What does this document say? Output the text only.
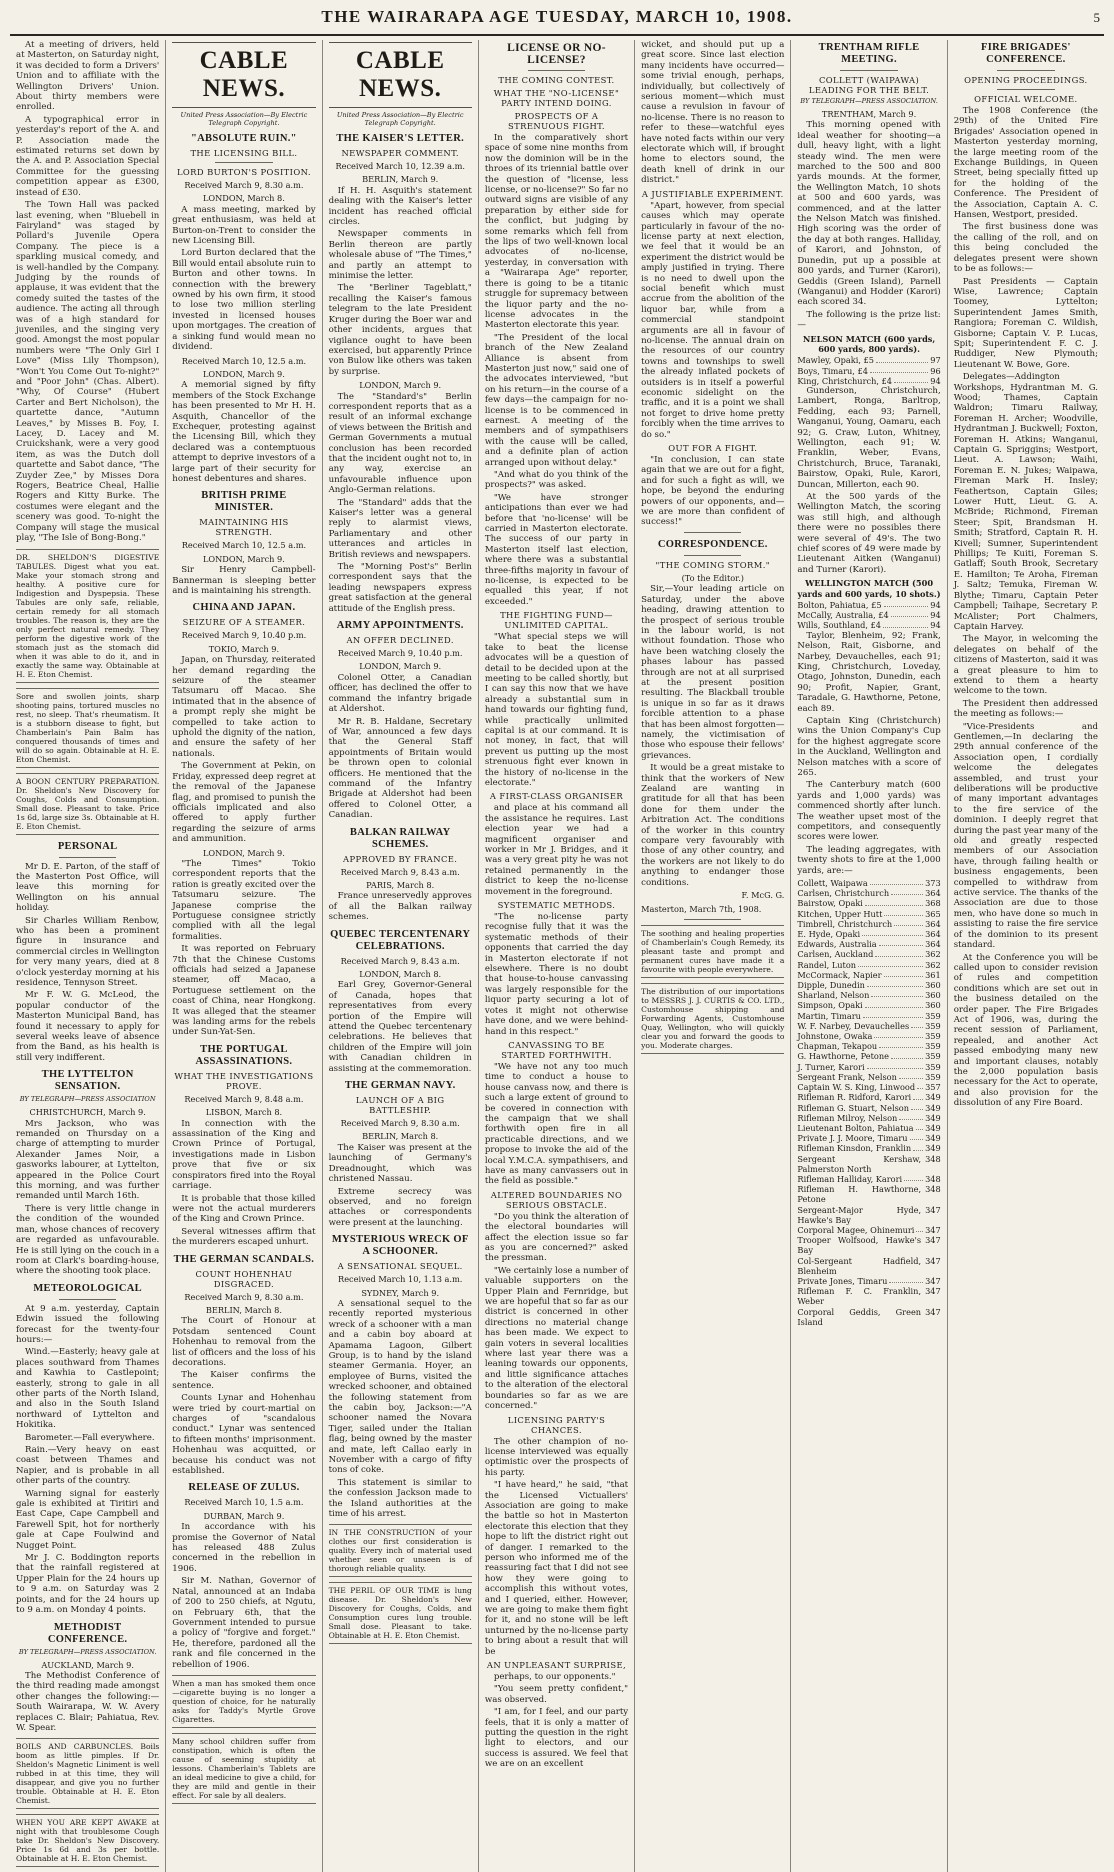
THE WAIRARAPA AGE TUESDAY, MARCH 10, 1908.	5

At a meeting of drivers, held at Masterton, on Saturday night, it was decided to form a Drivers' Union and to affiliate with the Wellington Drivers' Union. About thirty members were enrolled.

A typographical error in yesterday's report of the A. and P. Association made the estimated returns set down by the A. and P. Association Special Committee for the guessing competition appear as £300, instead of £30.

The Town Hall was packed last evening, when "Bluebell in Fairyland" was staged by Pollard's Juvenile Opera Company. The piece is a sparkling musical comedy, and is well-handled by the Company. Judging by the rounds of applause, it was evident that the comedy suited the tastes of the audience. The acting all through was of a high standard for juveniles, and the singing very good. Amongst the most popular numbers were "The Only Girl I Love" (Miss Lily Thompson), "Won't You Come Out To-night?" and "Poor John" (Chas. Albert). "Why, Of Course" (Hubert Carter and Bert Nicholson), the quartette dance, "Autumn Leaves," by Misses B. Foy, I. Lacey, D. Lacey and M. Cruickshank, were a very good item, as was the Dutch doll quartette and Sabot dance, "The Zuyder Zee," by Misses Dora Rogers, Beatrice Cheal, Hallie Rogers and Kitty Burke. The costumes were elegant and the scenery was good. To-night the Company will stage the musical play, "The Isle of Bong-Bong."

DR. SHELDON'S DIGESTIVE TABULES. Digest what you eat. Make your stomach strong and healthy. A positive cure for Indigestion and Dyspepsia. These Tabules are only safe, reliable, certain remedy for all stomach troubles. The reason is, they are the only perfect natural remedy. They perform the digestive work of the stomach just as the stomach did when it was able to do it, and in exactly the same way. Obtainable at H. E. Eton Chemist.
Sore and swollen joints, sharp shooting pains, tortured muscles no rest, no sleep. That's rheumatism. It is a stubborn disease to fight, but Chamberlain's Pain Balm has conquered thousands of times and will do so again. Obtainable at H. E. Eton Chemist.
A BOON CENTURY PREPARATION. Dr. Sheldon's New Discovery for Coughs, Colds and Consumption. Small dose. Pleasant to take. Price 1s 6d, large size 3s. Obtainable at H. E. Eton Chemist.
PERSONAL

Mr D. E. Parton, of the staff of the Masterton Post Office, will leave this morning for Wellington on his annual holiday.

Sir Charles William Renbow, who has been a prominent figure in insurance and commercial circles in Wellington for very many years, died at 8 o'clock yesterday morning at his residence, Tennyson Street.

Mr F. W. G. McLeod, the popular conductor of the Masterton Municipal Band, has found it necessary to apply for several weeks leave of absence from the Band, as his health is still very indifferent.

THE LYTTELTON SENSATION.
BY TELEGRAPH—PRESS ASSOCIATION
CHRISTCHURCH, March 9.

Mrs Jackson, who was remanded on Thursday on a charge of attempting to murder Alexander James Noir, a gasworks labourer, at Lyttelton, appeared in the Police Court this morning, and was further remanded until March 16th.

There is very little change in the condition of the wounded man, whose chances of recovery are regarded as unfavourable. He is still lying on the couch in a room at Clark's boarding-house, where the shooting took place.

METEOROLOGICAL

At 9 a.m. yesterday, Captain Edwin issued the following forecast for the twenty-four hours:—

Wind.—Easterly; heavy gale at places southward from Thames and Kawhia to Castlepoint; easterly, strong to gale in all other parts of the North Island, and also in the South Island northward of Lyttelton and Hokitika.

Barometer.—Fall everywhere.

Rain.—Very heavy on east coast between Thames and Napier, and is probable in all other parts of the country.

Warning signal for easterly gale is exhibited at Tiritiri and East Cape, Cape Campbell and Farewell Spit, hot for northerly gale at Cape Foulwind and Nugget Point.

Mr J. C. Boddington reports that the rainfall registered at Upper Plain for the 24 hours up to 9 a.m. on Saturday was 2 points, and for the 24 hours up to 9 a.m. on Monday 4 points.

METHODIST CONFERENCE.
BY TELEGRAPH—PRESS ASSOCIATION.
AUCKLAND, March 9.

The Methodist Conference of the third reading made amongst other changes the following:— South Wairarapa, W. W. Avery replaces C. Blair; Pahiatua, Rev. W. Spear.

BOILS AND CARBUNCLES. Boils boom as little pimples. If Dr. Sheldon's Magnetic Liniment is well rubbed in at this time, they will disappear, and give you no further trouble. Obtainable at H. E. Eton Chemist.
WHEN YOU ARE KEPT AWAKE at night with that troublesome Cough take Dr. Sheldon's New Discovery. Price 1s 6d and 3s per bottle. Obtainable at H. E. Eton Chemist.
CABLE NEWS.
United Press Association—By Electric Telegraph Copyright.
"ABSOLUTE RUIN."
THE LICENSING BILL.
LORD BURTON'S POSITION.
Received March 9, 8.30 a.m.
LONDON, March 8.

A mass meeting, marked by great enthusiasm, was held at Burton-on-Trent to consider the new Licensing Bill.

Lord Burton declared that the Bill would entail absolute ruin to Burton and other towns. In connection with the brewery owned by his own firm, it stood to lose two million sterling invested in licensed houses upon mortgages. The creation of a sinking fund would mean no dividend.

Received March 10, 12.5 a.m.
LONDON, March 9.

A memorial signed by fifty members of the Stock Exchange has been presented to Mr H. H. Asquith, Chancellor of the Exchequer, protesting against the Licensing Bill, which they declared was a contemptuous attempt to deprive investors of a large part of their security for honest debentures and shares.

BRITISH PRIME MINISTER.
MAINTAINING HIS STRENGTH.
Received March 10, 12.5 a.m.
LONDON, March 9.

Sir Henry Campbell-Bannerman is sleeping better and is maintaining his strength.

CHINA AND JAPAN.
SEIZURE OF A STEAMER.
Received March 9, 10.40 p.m.
TOKIO, March 9.

Japan, on Thursday, reiterated her demand regarding the seizure of the steamer Tatsumaru off Macao. She intimated that in the absence of a prompt reply she might be compelled to take action to uphold the dignity of the nation, and ensure the safety of her nationals.

The Government at Pekin, on Friday, expressed deep regret at the removal of the Japanese flag, and promised to punish the officials implicated and also offered to apply further regarding the seizure of arms and ammunition.

LONDON, March 9.

"The Times" Tokio correspondent reports that the ration is greatly excited over the Tatsumaru seizure. The Japanese comprise the Portuguese consignee strictly complied with all the legal formalities.

It was reported on February 7th that the Chinese Customs officials had seized a Japanese steamer, off Macao, a Portuguese settlement on the coast of China, near Hongkong. It was alleged that the steamer was landing arms for the rebels under Sun-Yat-Sen.

THE PORTUGAL ASSASSINATIONS.
WHAT THE INVESTIGATIONS PROVE.
Received March 9, 8.48 a.m.
LISBON, March 8.

In connection with the assassination of the King and Crown Prince of Portugal, investigations made in Lisbon prove that five or six conspirators fired into the Royal carriage.

It is probable that those killed were not the actual murderers of the King and Crown Prince.

Several witnesses affirm that the murderers escaped unhurt.

THE GERMAN SCANDALS.
COUNT HOHENHAU DISGRACED.
Received March 9, 8.30 a.m.
BERLIN, March 8.

The Court of Honour at Potsdam sentenced Count Hohenhau to removal from the list of officers and the loss of his decorations.

The Kaiser confirms the sentence.

Counts Lynar and Hohenhau were tried by court-martial on charges of "scandalous conduct." Lynar was sentenced to fifteen months' imprisonment. Hohenhau was acquitted, or because his conduct was not established.

RELEASE OF ZULUS.
Received March 10, 1.5 a.m.
DURBAN, March 9.

In accordance with his promise the Governor of Natal has released 488 Zulus concerned in the rebellion in 1906.

Sir M. Nathan, Governor of Natal, announced at an Indaba of 200 to 250 chiefs, at Ngutu, on February 6th, that the Government intended to pursue a policy of "forgive and forget." He, therefore, pardoned all the rank and file concerned in the rebellion of 1906.

When a man has smoked them once—cigarette buying is no longer a question of choice, for he naturally asks for Taddy's Myrtle Grove Cigarettes.
Many school children suffer from constipation, which is often the cause of seeming stupidity at lessons. Chamberlain's Tablets are an ideal medicine to give a child, for they are mild and gentle in their effect. For sale by all dealers.
CABLE NEWS.
United Press Association—By Electric Telegraph Copyright.
THE KAISER'S LETTER.
NEWSPAPER COMMENT.
Received March 10, 12.39 a.m.
BERLIN, March 9.

If H. H. Asquith's statement dealing with the Kaiser's letter incident has reached official circles.

Newspaper comments in Berlin thereon are partly wholesale abuse of "The Times," and partly an attempt to minimise the letter.

The "Berliner Tageblatt," recalling the Kaiser's famous telegram to the late President Kruger during the Boer war and other incidents, argues that vigilance ought to have been exercised, but apparently Prince von Bulow like others was taken by surprise.

LONDON, March 9.

The "Standard's" Berlin correspondent reports that as a result of an informal exchange of views between the British and German Governments a mutual conclusion has been recorded that the incident ought not to, in any way, exercise an unfavourable influence upon Anglo-German relations.

The "Standard" adds that the Kaiser's letter was a general reply to alarmist views, Parliamentary and other utterances and articles in British reviews and newspapers.

The "Morning Post's" Berlin correspondent says that the leading newspapers express great satisfaction at the general attitude of the English press.

ARMY APPOINTMENTS.
AN OFFER DECLINED.
Received March 9, 10.40 p.m.
LONDON, March 9.

Colonel Otter, a Canadian officer, has declined the offer to command the infantry brigade at Aldershot.

Mr R. B. Haldane, Secretary of War, announced a few days that the General Staff appointments of Britain would be thrown open to colonial officers. He mentioned that the command of the Infantry Brigade at Aldershot had been offered to Colonel Otter, a Canadian.

BALKAN RAILWAY SCHEMES.
APPROVED BY FRANCE.
Received March 9, 8.43 a.m.
PARIS, March 8.

France unreservedly approves of all the Balkan railway schemes.

QUEBEC TERCENTENARY CELEBRATIONS.
Received March 9, 8.43 a.m.
LONDON, March 8.

Earl Grey, Governor-General of Canada, hopes that representatives from every portion of the Empire will attend the Quebec tercentenary celebrations. He believes that children of the Empire will join with Canadian children in assisting at the commemoration.

THE GERMAN NAVY.
LAUNCH OF A BIG BATTLESHIP.
Received March 9, 8.30 a.m.
BERLIN, March 8.

The Kaiser was present at the launching of Germany's Dreadnought, which was christened Nassau.

Extreme secrecy was observed, and no foreign attaches or correspondents were present at the launching.

MYSTERIOUS WRECK OF A SCHOONER.
A SENSATIONAL SEQUEL.
Received March 10, 1.13 a.m.
SYDNEY, March 9.

A sensational sequel to the recently reported mysterious wreck of a schooner with a man and a cabin boy aboard at Apamama Lagoon, Gilbert Group, is to hand by the island steamer Germania. Hoyer, an employee of Burns, visited the wrecked schooner, and obtained the following statement from the cabin boy, Jackson:—"A schooner named the Novara Tiger, sailed under the Italian flag, being owned by the master and mate, left Callao early in November with a cargo of fifty tons of coke.

This statement is similar to the confession Jackson made to the Island authorities at the time of his arrest.

IN THE CONSTRUCTION of your clothes our first consideration is quality. Every inch of material used whether seen or unseen is of thorough reliable quality.
THE PERIL OF OUR TIME is lung disease. Dr. Sheldon's New Discovery for Coughs, Colds, and Consumption cures lung trouble. Small dose. Pleasant to take. Obtainable at H. E. Eton Chemist.
LICENSE OR NO-LICENSE?
THE COMING CONTEST.
WHAT THE "NO-LICENSE" PARTY INTEND DOING.
PROSPECTS OF A STRENUOUS FIGHT.

In the comparatively short space of some nine months from now the dominion will be in the throes of its triennial battle over the question of "license, less license, or no-license?" So far no outward signs are visible of any preparation by either side for the conflict, but judging by some remarks which fell from the lips of two well-known local advocates of no-license, yesterday, in conversation with a "Wairarapa Age" reporter, there is going to be a titanic struggle for supremacy between the liquor party and the no-license advocates in the Masterton electorate this year.

"The President of the local branch of the New Zealand Alliance is absent from Masterton just now," said one of the advocates interviewed, "but on his return—in the course of a few days—the campaign for no-license is to be commenced in earnest. A meeting of the members and of sympathisers with the cause will be called, and a definite plan of action arranged upon without delay."

"And what do you think of the prospects?" was asked.

"We have stronger anticipations than ever we had before that 'no-license' will be carried in Masterton electorate. The success of our party in Masterton itself last election, where there was a substantial three-fifths majority in favour of no-license, is expected to be equalled this year, if not exceeded."

THE FIGHTING FUND—UNLIMITED CAPITAL.

"What special steps we will take to beat the license advocates will be a question of detail to be decided upon at the meeting to be called shortly, but I can say this now that we have already a substantial sum in hand towards our fighting fund, while practically unlimited capital is at our command. It is not money, in fact, that will prevent us putting up the most strenuous fight ever known in the history of no-license in the electorate."

A FIRST-CLASS ORGANISER

and place at his command all the assistance he requires. Last election year we had a magnificent organiser and worker in Mr J. Bridges, and it was a very great pity he was not retained permanently in the district to keep the no-license movement in the foreground.

SYSTEMATIC METHODS.

"The no-license party recognise fully that it was the systematic methods of their opponents that carried the day in Masterton electorate if not elsewhere. There is no doubt that house-to-house canvassing was largely responsible for the liquor party securing a lot of votes it might not otherwise have done, and we were behind-hand in this respect."

CANVASSING TO BE STARTED FORTHWITH.

"We have not any too much time to conduct a house to house canvass now, and there is such a large extent of ground to be covered in connection with the campaign that we shall forthwith open fire in all practicable directions, and we propose to invoke the aid of the local Y.M.C.A. sympathisers, and have as many canvassers out in the field as possible."

ALTERED BOUNDARIES NO SERIOUS OBSTACLE.

"Do you think the alteration of the electoral boundaries will affect the election issue so far as you are concerned?" asked the pressman.

"We certainly lose a number of valuable supporters on the Upper Plain and Fernridge, but we are hopeful that so far as our district is concerned in other directions no material change has been made. We expect to gain voters in several localities where last year there was a leaning towards our opponents, and little significance attaches to the alteration of the electoral boundaries so far as we are concerned."

LICENSING PARTY'S CHANCES.

The other champion of no-license interviewed was equally optimistic over the prospects of his party.

"I have heard," he said, "that the Licensed Victuallers' Association are going to make the battle so hot in Masterton electorate this election that they hope to lift the district right out of danger. I remarked to the person who informed me of the reassuring fact that I did not see how they were going to accomplish this without votes, and I queried, either. However, we are going to make them fight for it, and no stone will be left unturned by the no-license party to bring about a result that will be

AN UNPLEASANT SURPRISE,

perhaps, to our opponents."

"You seem pretty confident," was observed.

"I am, for I feel, and our party feels, that it is only a matter of putting the question in the right light to electors, and our success is assured. We feel that we are on an excellent

wicket, and should put up a great score. Since last election many incidents have occurred—some trivial enough, perhaps, individually, but collectively of serious moment—which must cause a revulsion in favour of no-license. There is no reason to refer to these—watchful eyes have noted facts within our very electorate which will, if brought home to electors sound, the death knell of drink in our district."

A JUSTIFIABLE EXPERIMENT.

"Apart, however, from special causes which may operate particularly in favour of the no-license party at next election, we feel that it would be an experiment the district would be amply justified in trying. There is no need to dwell upon the social benefit which must accrue from the abolition of the liquor bar, while from a commercial standpoint arguments are all in favour of no-license. The annual drain on the resources of our country towns and townships to swell the already inflated pockets of outsiders is in itself a powerful economic sidelight on the traffic, and it is a point we shall not forget to drive home pretty forcibly when the time arrives to do so."

OUT FOR A FIGHT.

"In conclusion, I can state again that we are out for a fight, and for such a fight as will, we hope, be beyond the enduring powers of our opponents, and—we are more than confident of success!"

CORRESPONDENCE.
"THE COMING STORM."
(To the Editor.)

Sir,—Your leading article on Saturday, under the above heading, drawing attention to the prospect of serious trouble in the labour world, is not without foundation. Those who have been watching closely the phases labour has passed through are not at all surprised at the present position resulting. The Blackball trouble is unique in so far as it draws forcible attention to a phase that has been almost forgotten—namely, the victimisation of those who espouse their fellows' grievances.

It would be a great mistake to think that the workers of New Zealand are wanting in gratitude for all that has been done for them under the Arbitration Act. The conditions of the worker in this country compare very favourably with those of any other country, and the workers are not likely to do anything to endanger those conditions.

F. McG. G.
Masterton, March 7th, 1908.
The soothing and healing properties of Chamberlain's Cough Remedy, its pleasant taste and prompt and permanent cures have made it a favourite with people everywhere.
The distribution of our importations to MESSRS J. J. CURTIS & CO. LTD., Customhouse shipping and Forwarding Agents, Customhouse Quay, Wellington, who will quickly clear you and forward the goods to you. Moderate charges.
TRENTHAM RIFLE MEETING.
COLLETT (WAIPAWA) LEADING FOR THE BELT.
BY TELEGRAPH—PRESS ASSOCIATION.
TRENTHAM, March 9.

This morning opened with ideal weather for shooting—a dull, heavy light, with a light steady wind. The men were marched to the 500 and 800 yards mounds. At the former, the Wellington Match, 10 shots at 500 and 600 yards, was commenced, and at the latter the Nelson Match was finished. High scoring was the order of the day at both ranges. Halliday, of Karori, and Johnston, of Dunedin, put up a possible at 800 yards, and Turner (Karori), Geddis (Green Island), Parnell (Wanganui) and Hodder (Karori) each scored 34.

The following is the prize list:—

NELSON MATCH (600 yards, 600 yards, 800 yards).
Mawley, Opaki, £5	97
Boys, Timaru, £4	96
King, Christchurch, £4	94

Gunderson, Christchurch, Lambert, Ronga, Barltrop, Fedding, each 93; Parnell, Wanganui, Young, Oamaru, each 92; G. Craw, Luton, Whitney, Wellington, each 91; W. Franklin, Weber, Evans, Christchurch, Bruce, Taranaki, Bairstow, Opaki, Rule, Karori, Duncan, Millerton, each 90.

At the 500 yards of the Wellington Match, the scoring was still high, and although there were no possibles there were several of 49's. The two chief scores of 49 were made by Lieutenant Aitken (Wanganui) and Turner (Karori).

WELLINGTON MATCH (500 yards and 600 yards, 10 shots.)
Bolton, Pahiatua, £5	94
McCally, Australia, £4	94
Wills, Southland, £4	94

Taylor, Blenheim, 92; Frank, Nelson, Rait, Gisborne, and Narbey, Devauchelles, each 91; King, Christchurch, Loveday, Otago, Johnston, Dunedin, each 90; Profit, Napier, Grant, Taradale, G. Hawthorne, Petone, each 89.

Captain King (Christchurch) wins the Union Company's Cup for the highest aggregate score in the Auckland, Wellington and Nelson matches with a score of 265.

The Canterbury match (600 yards and 1,000 yards) was commenced shortly after lunch. The weather upset most of the competitors, and consequently scores were lower.

The leading aggregates, with twenty shots to fire at the 1,000 yards, are:—

Collett, Waipawa	373
Carlsen, Christchurch	364
Bairstow, Opaki	368
Kitchen, Upper Hutt	365
Timbrell, Christchurch	364
E. Hyde, Opaki	364
Edwards, Australia	364
Carlsen, Auckland	362
Randel, Luton	362
McCormack, Napier	361
Dipple, Dunedin	360
Sharland, Nelson	360
Simpson, Opaki	360
Martin, Timaru	359
W. F. Narbey, Devauchelles 359
Johnstone, Owaka	359
Chapman, Tekapou	359
G. Hawthorne, Petone	359
J. Turner, Karori	359
Sergeant Frank, Nelson	359
Captain W. S. King, Linwood 357
Rifleman R. Ridford, Karori 349
Rifleman G. Stuart, Nelson 349
Rifleman Milroy, Nelson	349
Lieutenant Bolton, Pahiatua 349
Private J. J. Moore, Timaru 349
Rifleman Kinsdon, Franklin 349
Sergeant Kershaw, Palmerston North
348
Rifleman Halliday, Karori	348
Rifleman H. Hawthorne, Petone
348
Sergeant-Major Hyde, Hawke's Bay
347
Corporal Magee, Ohinemuri 347
Trooper Wolfsood, Hawke's Bay
347
Col-Sergeant Hadfield, Blenheim
347
Private Jones, Timaru	347
Rifleman F. C. Franklin, Weber
347
Corporal Geddis, Green Island
347
FIRE BRIGADES' CONFERENCE.
OPENING PROCEEDINGS.
OFFICIAL WELCOME.

The 1908 Conference (the 29th) of the United Fire Brigades' Association opened in Masterton yesterday morning, the large meeting room of the Exchange Buildings, in Queen Street, being specially fitted up for the holding of the Conference. The President of the Association, Captain A. C. Hansen, Westport, presided.

The first business done was the calling of the roll, and on this being concluded the delegates present were shown to be as follows:—

Past Presidents — Captain Wise, Lawrence; Captain Toomey, Lyttelton; Superintendent James Smith, Rangiora; Foreman C. Wildish, Gisborne; Captain V. P. Lucas, Spit; Superintendent F. C. J. Ruddiger, New Plymouth; Lieutenant W. Bowe, Gore.

Delegates—Addington Workshops, Hydrantman M. G. Wood; Thames, Captain Waldron; Timaru Railway, Foreman H. Archer; Woodville, Hydrantman J. Buckwell; Foxton, Foreman H. Atkins; Wanganui, Captain G. Spriggins; Westport, Lieut. A. Lawson; Waihi, Foreman E. N. Jukes; Waipawa, Fireman Mark H. Insley; Feathertson, Captain Giles; Lower Hutt, Lieut. G. A. McBride; Richmond, Fireman Steer; Spit, Brandsman H. Smith; Stratford, Captain R. H. Kivell; Sumner, Superintendent Phillips; Te Kuiti, Foreman S. Gatlaff; South Brook, Secretary E. Hamilton; Te Aroha, Fireman J. Saltz; Temuka, Fireman W. Blythe; Timaru, Captain Peter Campbell; Taihape, Secretary P. McAlister; Port Chalmers, Captain Harvey.

The Mayor, in welcoming the delegates on behalf of the citizens of Masterton, said it was a great pleasure to him to extend to them a hearty welcome to the town.

The President then addressed the meeting as follows:—

"Vice-Presidents and Gentlemen,—In declaring the 29th annual conference of the Association open, I cordially welcome the delegates assembled, and trust your deliberations will be productive of many important advantages to the fire service of the dominion. I deeply regret that during the past year many of the old and greatly respected members of our Association have, through failing health or business engagements, been compelled to withdraw from active service. The thanks of the Association are due to those men, who have done so much in assisting to raise the fire service of the dominion to its present standard.

At the Conference you will be called upon to consider revision of rules and competition conditions which are set out in the business detailed on the order paper. The Fire Brigades Act of 1906, was, during the recent session of Parliament, repealed, and another Act passed embodying many new and important clauses, notably the 2,000 population basis necessary for the Act to operate, and also provision for the dissolution of any Fire Board.
